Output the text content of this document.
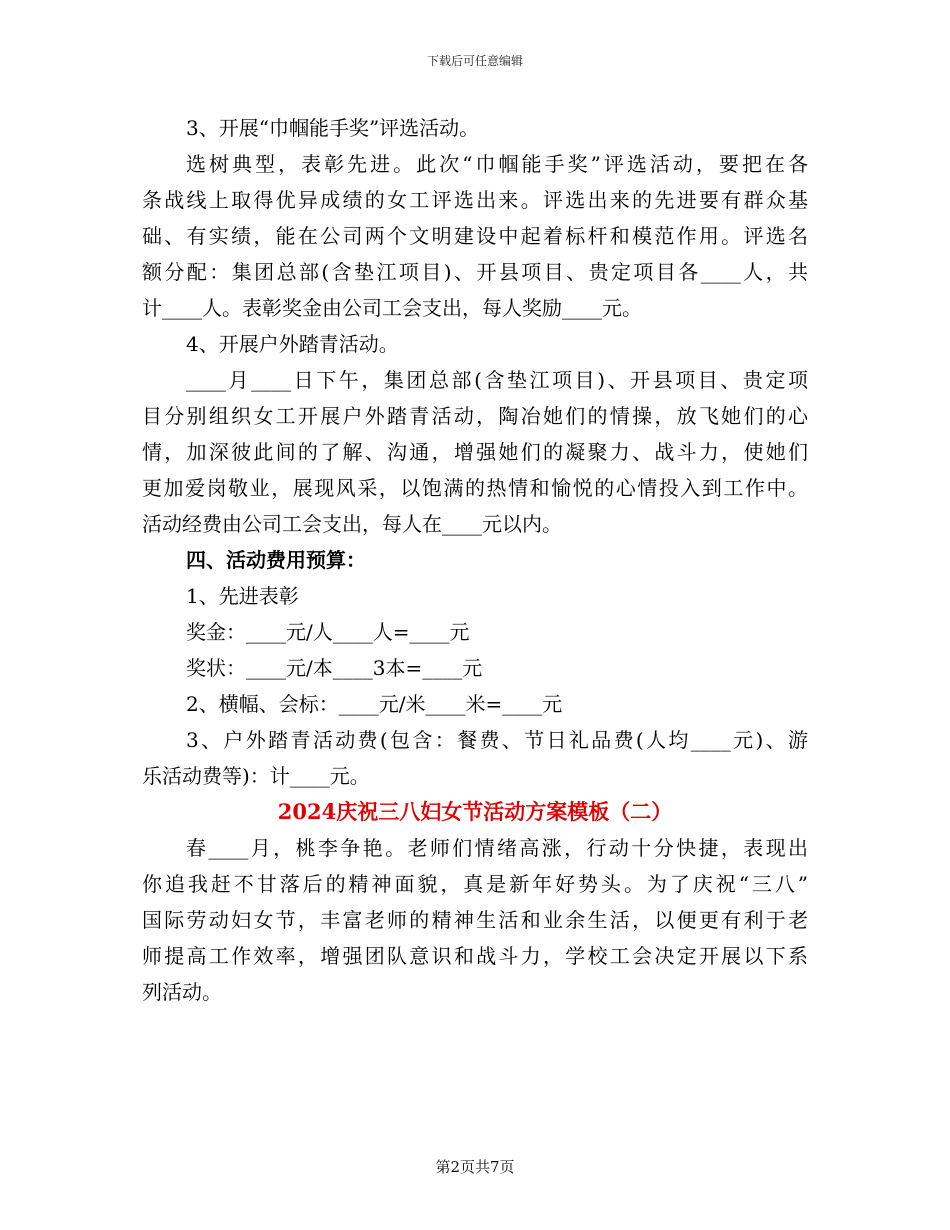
下载后可任意编辑
3、开展“巾帼能手奖”评选活动。
选树典型，表彰先进。此次“巾帼能手奖”评选活动，要把在各
条战线上取得优异成绩的女工评选出来。评选出来的先进要有群众基
础、有实绩，能在公司两个文明建设中起着标杆和模范作用。评选名
额分配：集团总部(含垫江项目)、开县项目、贵定项目各____人，共
计____人。表彰奖金由公司工会支出，每人奖励____元。
4、开展户外踏青活动。
____月____日下午，集团总部(含垫江项目)、开县项目、贵定项
目分别组织女工开展户外踏青活动，陶冶她们的情操，放飞她们的心
情，加深彼此间的了解、沟通，增强她们的凝聚力、战斗力，使她们
更加爱岗敬业，展现风采，以饱满的热情和愉悦的心情投入到工作中。
活动经费由公司工会支出，每人在____元以内。
四、活动费用预算：
1、先进表彰
奖金：____元/人____人=____元
奖状：____元/本____3本=____元
2、横幅、会标：____元/米____米=____元
3、户外踏青活动费(包含：餐费、节日礼品费(人均____元)、游
乐活动费等)：计____元。
2024庆祝三八妇女节活动方案模板（二）
春____月，桃李争艳。老师们情绪高涨，行动十分快捷，表现出
你追我赶不甘落后的精神面貌，真是新年好势头。为了庆祝“三八”
国际劳动妇女节，丰富老师的精神生活和业余生活，以便更有利于老
师提高工作效率，增强团队意识和战斗力，学校工会决定开展以下系
列活动。
第2页共7页
